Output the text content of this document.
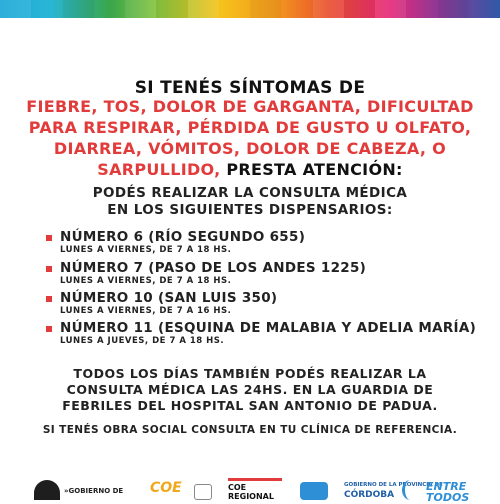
SI TENÉS SÍNTOMAS DE
FIEBRE, TOS, DOLOR DE GARGANTA, DIFICULTAD
PARA RESPIRAR, PÉRDIDA DE GUSTO U OLFATO,
DIARREA, VÓMITOS, DOLOR DE CABEZA, O
SARPULLIDO, PRESTA ATENCIÓN:
PODÉS REALIZAR LA CONSULTA MÉDICA
EN LOS SIGUIENTES DISPENSARIOS:
NÚMERO 6 (RÍO SEGUNDO 655)
LUNES A VIERNES, DE 7 A 18 HS.
NÚMERO 7 (PASO DE LOS ANDES 1225)
LUNES A VIERNES, DE 7 A 18 HS.
NÚMERO 10 (SAN LUIS 350)
LUNES A VIERNES, DE 7 A 16 HS.
NÚMERO 11 (ESQUINA DE MALABIA Y ADELIA MARÍA)
LUNES A JUEVES, DE 7 A 18 HS.
TODOS LOS DÍAS TAMBIÉN PODÉS REALIZAR LA
CONSULTA MÉDICA LAS 24HS. EN LA GUARDIA DE
FEBRILES DEL HOSPITAL SAN ANTONIO DE PADUA.
SI TENÉS OBRA SOCIAL CONSULTA EN TU CLÍNICA DE REFERENCIA.
»GOBIERNO DE COE	COE
REGIONAL
GOBIERNO DE LA PROVINCIA DE
CÓRDOBA
ENTRE
TODOS
